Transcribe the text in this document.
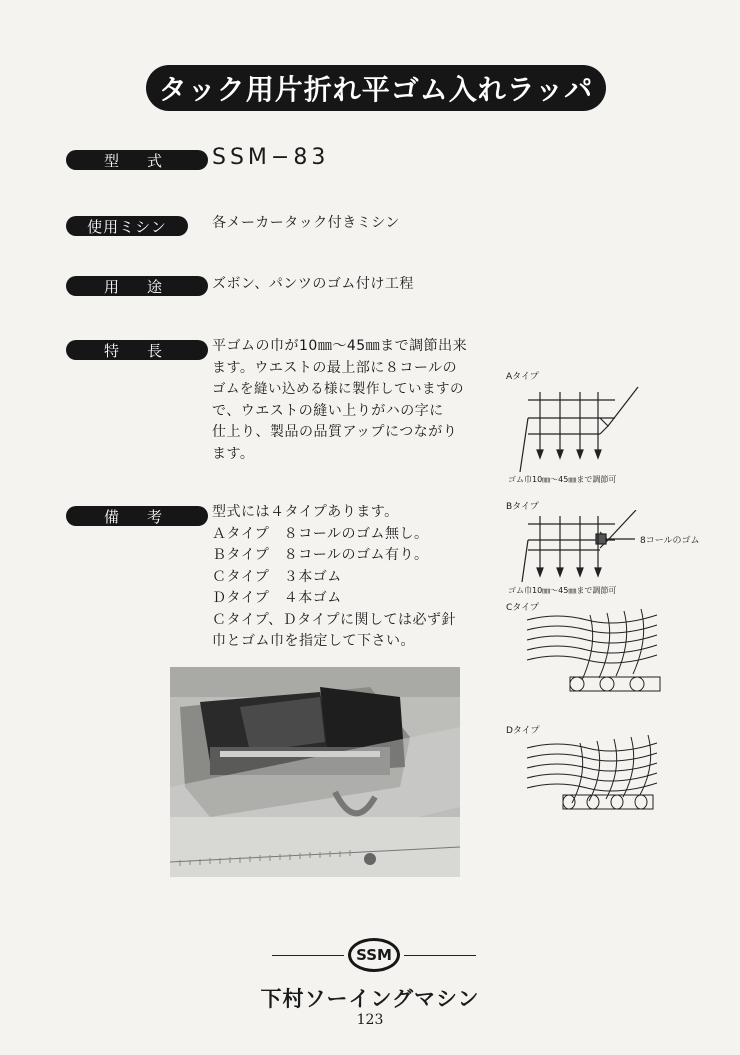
タック用片折れ平ゴム入れラッパ
型式	SSM−83
使用ミシン	各メーカータック付きミシン
用途	ズボン、パンツのゴム付け工程
特長	平ゴムの巾が10㎜〜45㎜まで調節出来
ます。ウエストの最上部に８コールの
ゴムを縫い込める様に製作していますの
で、ウエストの縫い上りがハの字に
仕上り、製品の品質アップにつながり
ます。
備考	型式には４タイプあります。
Ａタイプ　８コールのゴム無し。
Ｂタイプ　８コールのゴム有り。
Ｃタイプ　３本ゴム
Ｄタイプ　４本ゴム
Ｃタイプ、Ｄタイプに関しては必ず針
巾とゴム巾を指定して下さい。
Aタイプ
ゴム巾10㎜〜45㎜まで調節可
Bタイプ
8コールのゴム
ゴム巾10㎜〜45㎜まで調節可
Cタイプ
Dタイプ
SSM
下村ソーイングマシン
123
